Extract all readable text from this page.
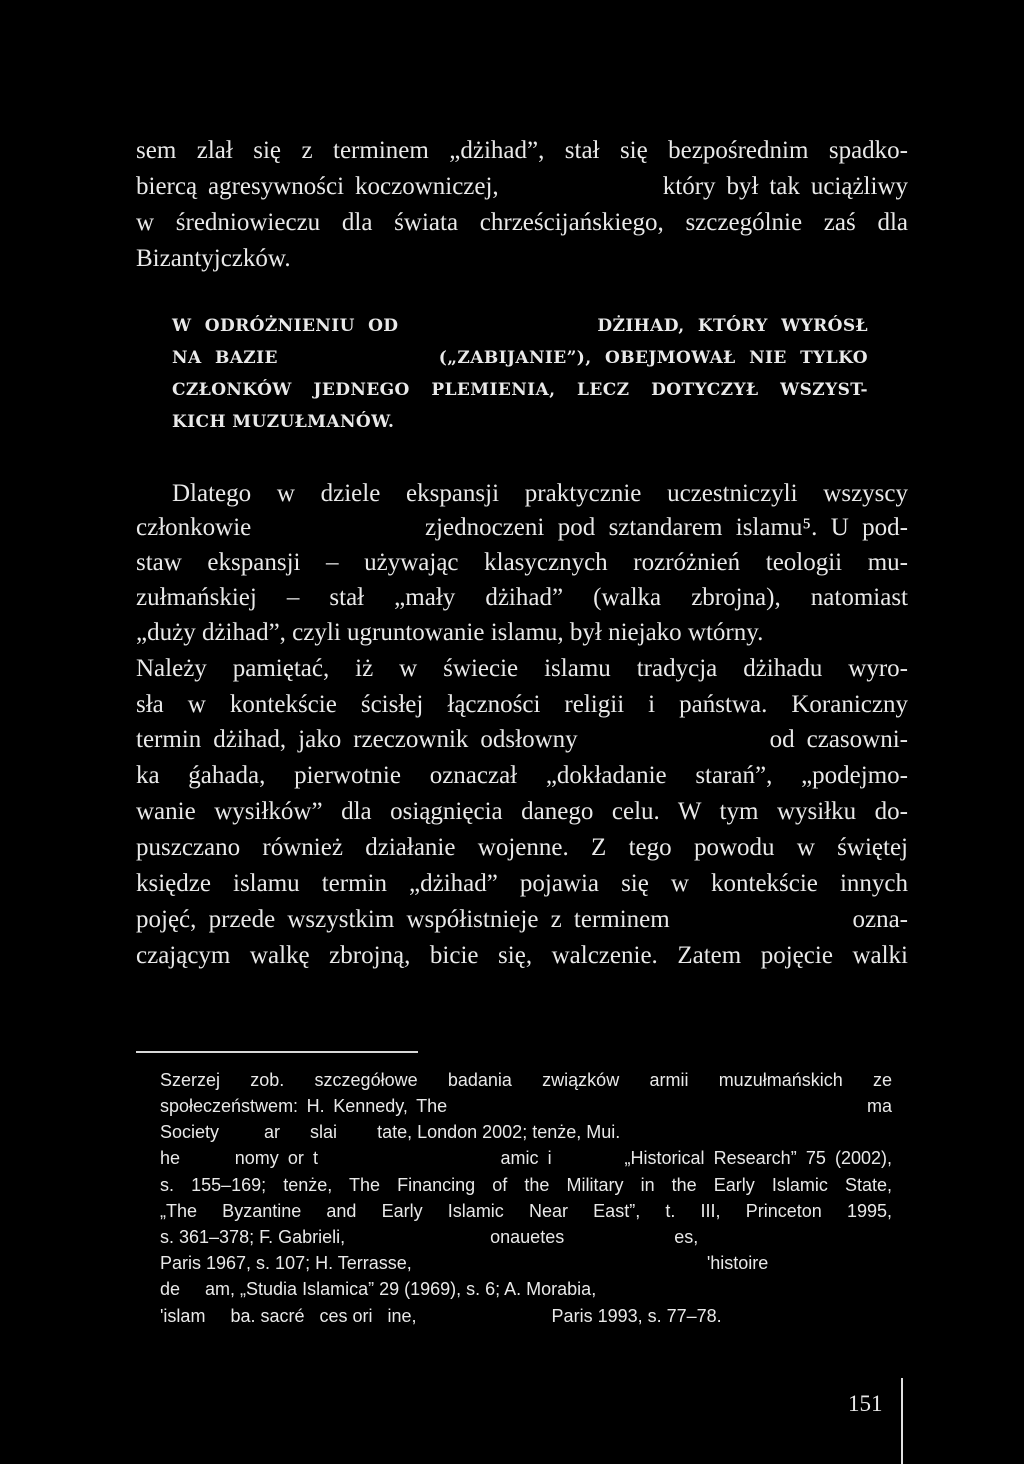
sem zlał się z terminem „dżihad”, stał się bezpośrednim spadko-
biercą agresywności koczowniczej,               który był tak uciążliwy
w średniowieczu dla świata chrześcijańskiego, szczególnie zaś dla
Bizantyjczków.
W ODRÓŻNIENIU OD               DŻIHAD, KTÓRY WYRÓSŁ
NA BAZIE            („ZABIJANIE”), OBEJMOWAŁ NIE TYLKO
CZŁONKÓW JEDNEGO PLEMIENIA, LECZ DOTYCZYŁ WSZYST-
KICH MUZUŁMANÓW.
Dlatego w dziele ekspansji praktycznie uczestniczyli wszyscy
członkowie             zjednoczeni pod sztandarem islamu⁵. U pod-
staw ekspansji – używając klasycznych rozróżnień teologii mu-
zułmańskiej – stał „mały dżihad” (walka zbrojna), natomiast
„duży dżihad”, czyli ugruntowanie islamu, był niejako wtórny.
Należy pamiętać, iż w świecie islamu tradycja dżihadu wyro-
sła w kontekście ścisłej łączności religii i państwa. Koraniczny
termin dżihad, jako rzeczownik odsłowny                od czasowni-
ka ǵahada, pierwotnie oznaczał „dokładanie starań”, „podejmo-
wanie wysiłków” dla osiągnięcia danego celu. W tym wysiłku do-
puszczano również działanie wojenne. Z tego powodu w świętej
księdze islamu termin „dżihad” pojawia się w kontekście innych
pojęć, przede wszystkim współistnieje z terminem               ozna-
czającym walkę zbrojną, bicie się, walczenie. Zatem pojęcie walki
Szerzej zob. szczegółowe badania związków armii muzułmańskich ze
społeczeństwem: H. Kennedy, The                                                 ma
Society         ar      slai        tate, London 2002; tenże, Mui.
he      nomy or t                    amic i        „Historical Research” 75 (2002),
s. 155–169; tenże, The Financing of the Military in the Early Islamic State,
„The Byzantine and Early Islamic Near East”, t. III, Princeton 1995,
s. 361–378; F. Gabrieli,                             onauetes                      es,
Paris 1967, s. 107; H. Terrasse,                                                           'histoire
de     am, „Studia Islamica” 29 (1969), s. 6; A. Morabia,
'islam     ba. sacré   ces ori   ine,                           Paris 1993, s. 77–78.
151
